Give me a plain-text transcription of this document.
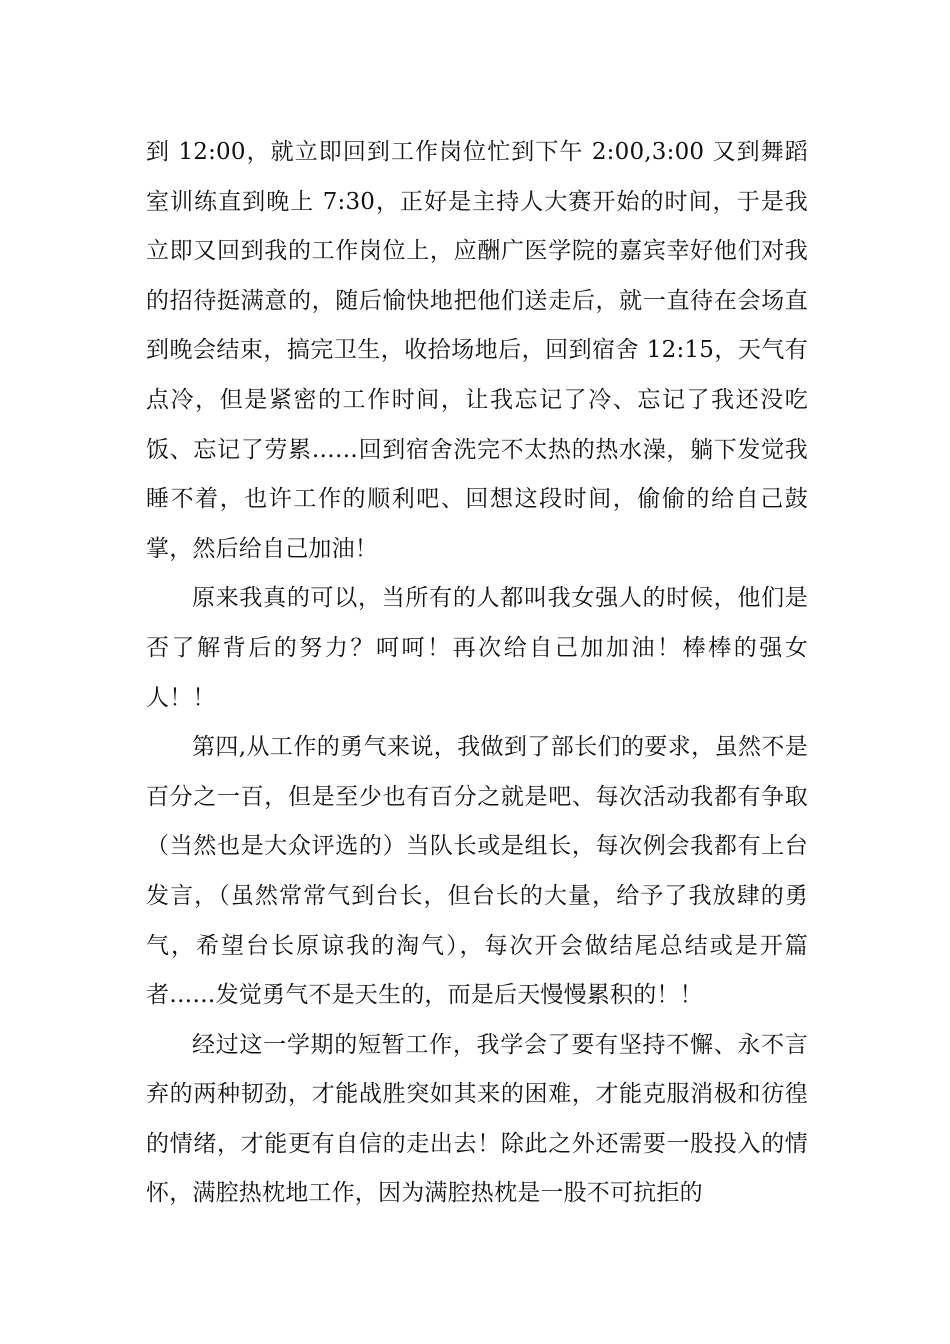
到 12:00，就立即回到工作岗位忙到下午 2:00,3:00 又到舞蹈室训练直到晚上 7:30，正好是主持人大赛开始的时间，于是我立即又回到我的工作岗位上，应酬广医学院的嘉宾幸好他们对我的招待挺满意的，随后愉快地把他们送走后，就一直待在会场直到晚会结束，搞完卫生，收拾场地后，回到宿舍 12:15，天气有点冷，但是紧密的工作时间，让我忘记了冷、忘记了我还没吃饭、忘记了劳累……回到宿舍洗完不太热的热水澡，躺下发觉我睡不着，也许工作的顺利吧、回想这段时间，偷偷的给自己鼓掌，然后给自己加油！

原来我真的可以，当所有的人都叫我女强人的时候，他们是否了解背后的努力？呵呵！再次给自己加加油！棒棒的强女人！！

第四,从工作的勇气来说，我做到了部长们的要求，虽然不是百分之一百，但是至少也有百分之就是吧、每次活动我都有争取（当然也是大众评选的）当队长或是组长，每次例会我都有上台发言，（虽然常常气到台长，但台长的大量，给予了我放肆的勇气，希望台长原谅我的淘气），每次开会做结尾总结或是开篇者……发觉勇气不是天生的，而是后天慢慢累积的！！

经过这一学期的短暂工作，我学会了要有坚持不懈、永不言弃的两种韧劲，才能战胜突如其来的困难，才能克服消极和彷徨的情绪，才能更有自信的走出去！除此之外还需要一股投入的情怀，满腔热枕地工作，因为满腔热枕是一股不可抗拒的
